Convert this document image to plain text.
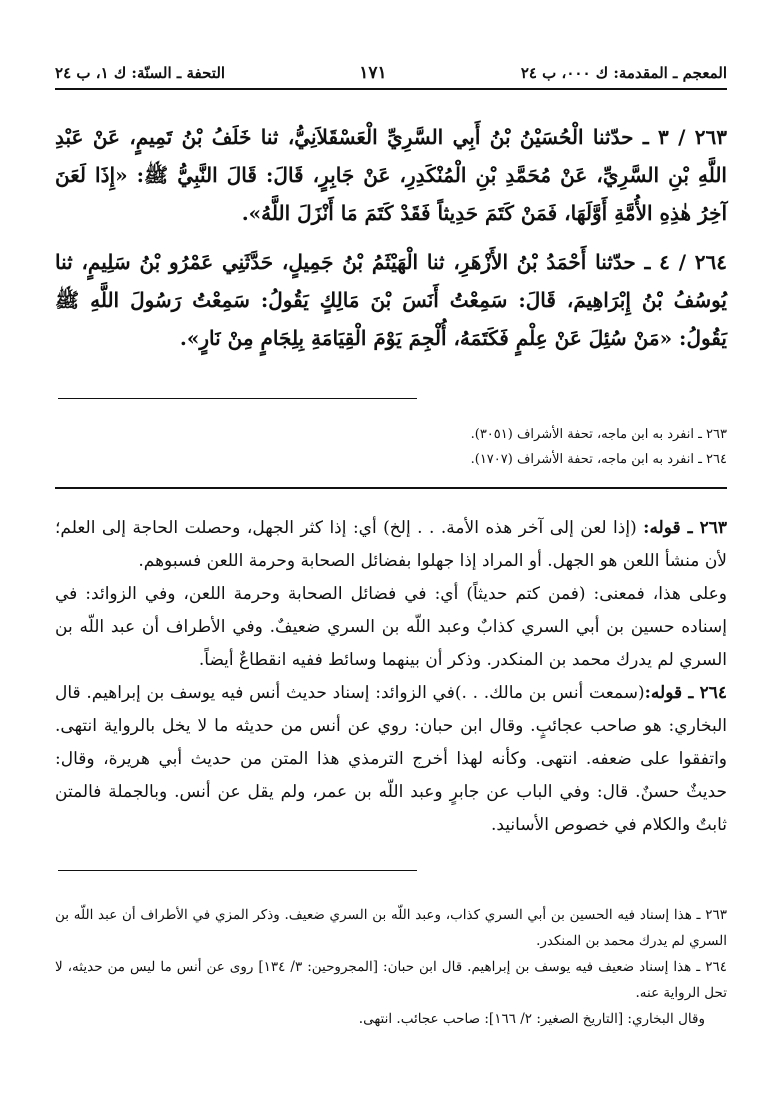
المعجم ـ المقدمة: ك ٠٠٠، ب ٢٤
١٧١
التحفة ـ السنّة: ك ١، ب ٢٤
٢٦٣ / ٣ ـ حدّثنا الْحُسَيْنُ بْنُ أَبِي السَّرِيِّ الْعَسْقَلاَنِيُّ، ثنا خَلَفُ بْنُ تَمِيمٍ، عَنْ عَبْدِ اللَّهِ بْنِ السَّرِيِّ، عَنْ مُحَمَّدِ بْنِ الْمُنْكَدِرِ، عَنْ جَابِرٍ، قَالَ: قَالَ النَّبِيُّ ﷺ: «إِذَا لَعَنَ آخِرُ هٰذِهِ الأُمَّةِ أَوَّلَهَا، فَمَنْ كَتَمَ حَدِيثاً فَقَدْ كَتَمَ مَا أَنْزَلَ اللَّهُ».
٢٦٤ / ٤ ـ حدّثنا أَحْمَدُ بْنُ الأَزْهَرِ، ثنا الْهَيْثَمُ بْنُ جَمِيلٍ، حَدَّثَنِي عَمْرُو بْنُ سَلِيمٍ، ثنا يُوسُفُ بْنُ إِبْرَاهِيمَ، قَالَ: سَمِعْتُ أَنَسَ بْنَ مَالِكٍ يَقُولُ: سَمِعْتُ رَسُولَ اللَّهِ ﷺ يَقُولُ: «مَنْ سُئِلَ عَنْ عِلْمٍ فَكَتَمَهُ، أُلْجِمَ يَوْمَ الْقِيَامَةِ بِلِجَامٍ مِنْ نَارٍ».
٢٦٣ ـ انفرد به ابن ماجه، تحفة الأشراف (٣٠٥١).
٢٦٤ ـ انفرد به ابن ماجه، تحفة الأشراف (١٧٠٧).

٢٦٣ ـ قوله: (إذا لعن إلى آخر هذه الأمة. . . إلخ) أي: إذا كثر الجهل، وحصلت الحاجة إلى العلم؛ لأن منشأ اللعن هو الجهل. أو المراد إذا جهلوا بفضائل الصحابة وحرمة اللعن فسبوهم.

وعلى هذا، فمعنى: (فمن كتم حديثاً) أي: في فضائل الصحابة وحرمة اللعن، وفي الزوائد: في إسناده حسين بن أبي السري كذابٌ وعبد اللّه بن السري ضعيفٌ. وفي الأطراف أن عبد اللّه بن السري لم يدرك محمد بن المنكدر. وذكر أن بينهما وسائط ففيه انقطاعٌ أيضاً.

٢٦٤ ـ قوله:(سمعت أنس بن مالك. . .)في الزوائد: إسناد حديث أنس فيه يوسف بن إبراهيم. قال البخاري: هو صاحب عجائبٍ. وقال ابن حبان: روي عن أنس من حديثه ما لا يخل بالرواية انتهى. واتفقوا على ضعفه. انتهى. وكأنه لهذا أخرج الترمذي هذا المتن من حديث أبي هريرة، وقال: حديثٌ حسنٌ. قال: وفي الباب عن جابرٍ وعبد اللّه بن عمر، ولم يقل عن أنس. وبالجملة فالمتن ثابتٌ والكلام في خصوص الأسانيد.

٢٦٣ ـ هذا إسناد فيه الحسين بن أبي السري كذاب، وعبد اللّه بن السري ضعيف. وذكر المزي في الأطراف أن عبد اللّه بن السري لم يدرك محمد بن المنكدر.

٢٦٤ ـ هذا إسناد ضعيف فيه يوسف بن إبراهيم. قال ابن حبان: [المجروحين: ٣/ ١٣٤] روى عن أنس ما ليس من حديثه، لا تحل الرواية عنه.

وقال البخاري: [التاريخ الصغير: ٢/ ١٦٦]: صاحب عجائب. انتهى.
